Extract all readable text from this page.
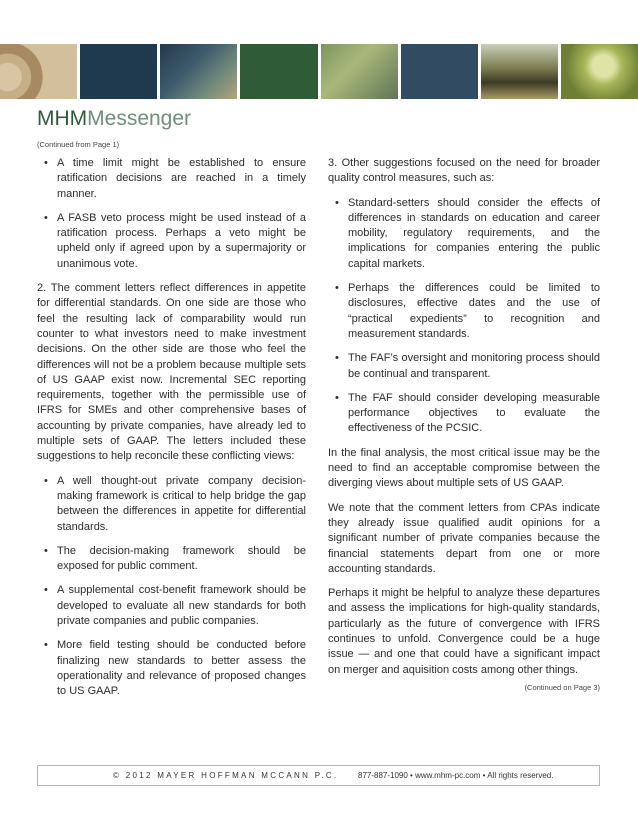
MHMMessenger
(Continued from Page 1)
• A time limit might be established to ensure ratification decisions are reached in a timely manner.
• A FASB veto process might be used instead of a ratification process. Perhaps a veto might be upheld only if agreed upon by a supermajority or unanimous vote.

2. The comment letters reflect differences in appetite for differential standards. On one side are those who feel the resulting lack of comparability would run counter to what investors need to make investment decisions. On the other side are those who feel the differences will not be a problem because multiple sets of US GAAP exist now. Incremental SEC reporting requirements, together with the permissible use of IFRS for SMEs and other comprehensive bases of accounting by private companies, have already led to multiple sets of GAAP. The letters included these suggestions to help reconcile these conflicting views:

• A well thought-out private company decision-making framework is critical to help bridge the gap between the differences in appetite for differential standards.
• The decision-making framework should be exposed for public comment.
• A supplemental cost-benefit framework should be developed to evaluate all new standards for both private companies and public companies.
• More field testing should be conducted before finalizing new standards to better assess the operationality and relevance of proposed changes to US GAAP.

3. Other suggestions focused on the need for broader quality control measures, such as:

• Standard-setters should consider the effects of differences in standards on education and career mobility, regulatory requirements, and the implications for companies entering the public capital markets.
• Perhaps the differences could be limited to disclosures, effective dates and the use of “practical expedients” to recognition and measurement standards.
• The FAF’s oversight and monitoring process should be continual and transparent.
• The FAF should consider developing measurable performance objectives to evaluate the effectiveness of the PCSIC.

In the final analysis, the most critical issue may be the need to find an acceptable compromise between the diverging views about multiple sets of US GAAP.

We note that the comment letters from CPAs indicate they already issue qualified audit opinions for a significant number of private companies because the financial statements depart from one or more accounting standards.

Perhaps it might be helpful to analyze these departures and assess the implications for high-quality standards, particularly as the future of convergence with IFRS continues to unfold. Convergence could be a huge issue — and one that could have a significant impact on merger and aquisition costs among other things.

(Continued on Page 3)
© 2012 MAYER HOFFMAN MCCANN P.C. 877-887-1090 • www.mhm-pc.com • All rights reserved.
